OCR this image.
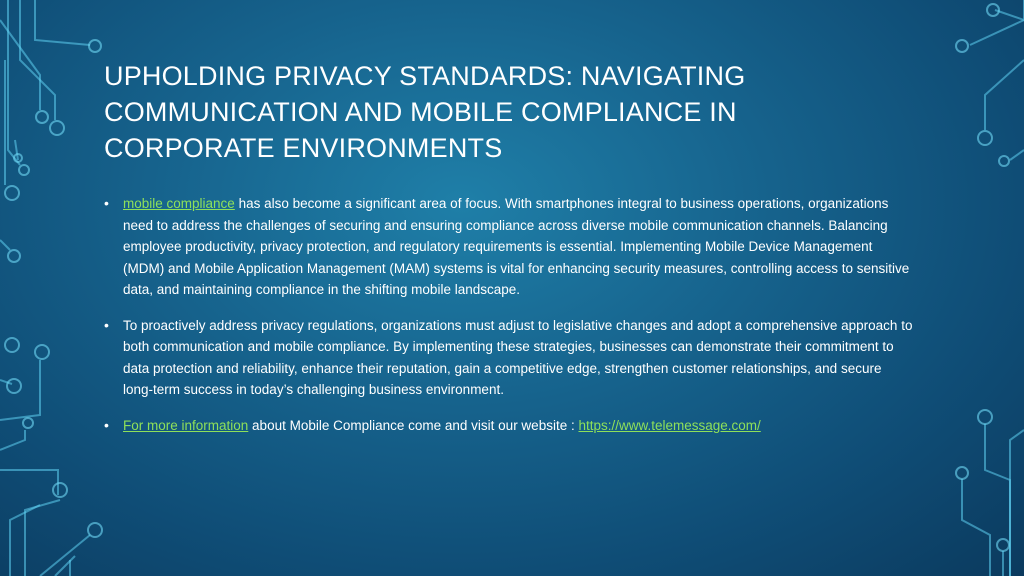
UPHOLDING PRIVACY STANDARDS: NAVIGATING COMMUNICATION AND MOBILE COMPLIANCE IN CORPORATE ENVIRONMENTS
• mobile compliance has also become a significant area of focus. With smartphones integral to business operations, organizations need to address the challenges of securing and ensuring compliance across diverse mobile communication channels. Balancing employee productivity, privacy protection, and regulatory requirements is essential. Implementing Mobile Device Management (MDM) and Mobile Application Management (MAM) systems is vital for enhancing security measures, controlling access to sensitive data, and maintaining compliance in the shifting mobile landscape.
• To proactively address privacy regulations, organizations must adjust to legislative changes and adopt a comprehensive approach to both communication and mobile compliance. By implementing these strategies, businesses can demonstrate their commitment to data protection and reliability, enhance their reputation, gain a competitive edge, strengthen customer relationships, and secure long-term success in today’s challenging business environment.
• For more information about Mobile Compliance come and visit our website : https://www.telemessage.com/
